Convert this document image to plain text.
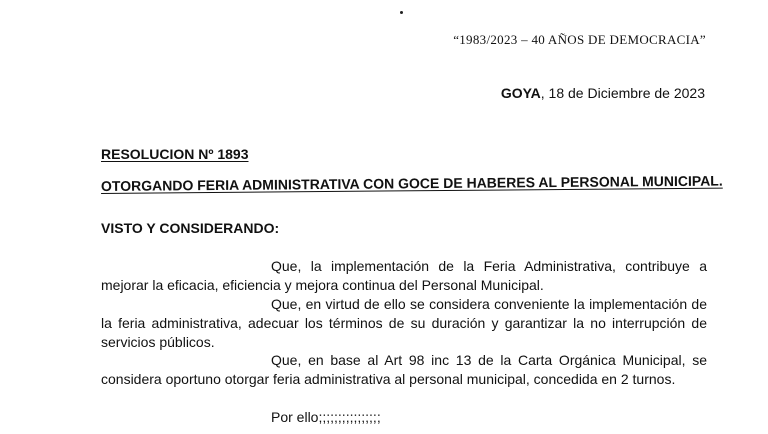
“1983/2023 – 40 AÑOS DE DEMOCRACIA”
GOYA, 18 de Diciembre de 2023
RESOLUCION Nº 1893
OTORGANDO FERIA ADMINISTRATIVA CON GOCE DE HABERES AL PERSONAL MUNICIPAL.
VISTO Y CONSIDERANDO:
Que, la implementación de la Feria Administrativa, contribuye a mejorar la eficacia, eficiencia y mejora continua del Personal Municipal.
Que, en virtud de ello se considera conveniente la implementación de la feria administrativa, adecuar los términos de su duración y garantizar la no interrupción de servicios públicos.
Que, en base al Art 98 inc 13 de la Carta Orgánica Municipal, se considera oportuno otorgar feria administrativa al personal municipal, concedida en 2 turnos.
Por ello;;;;;;;;;;;;;;;;
